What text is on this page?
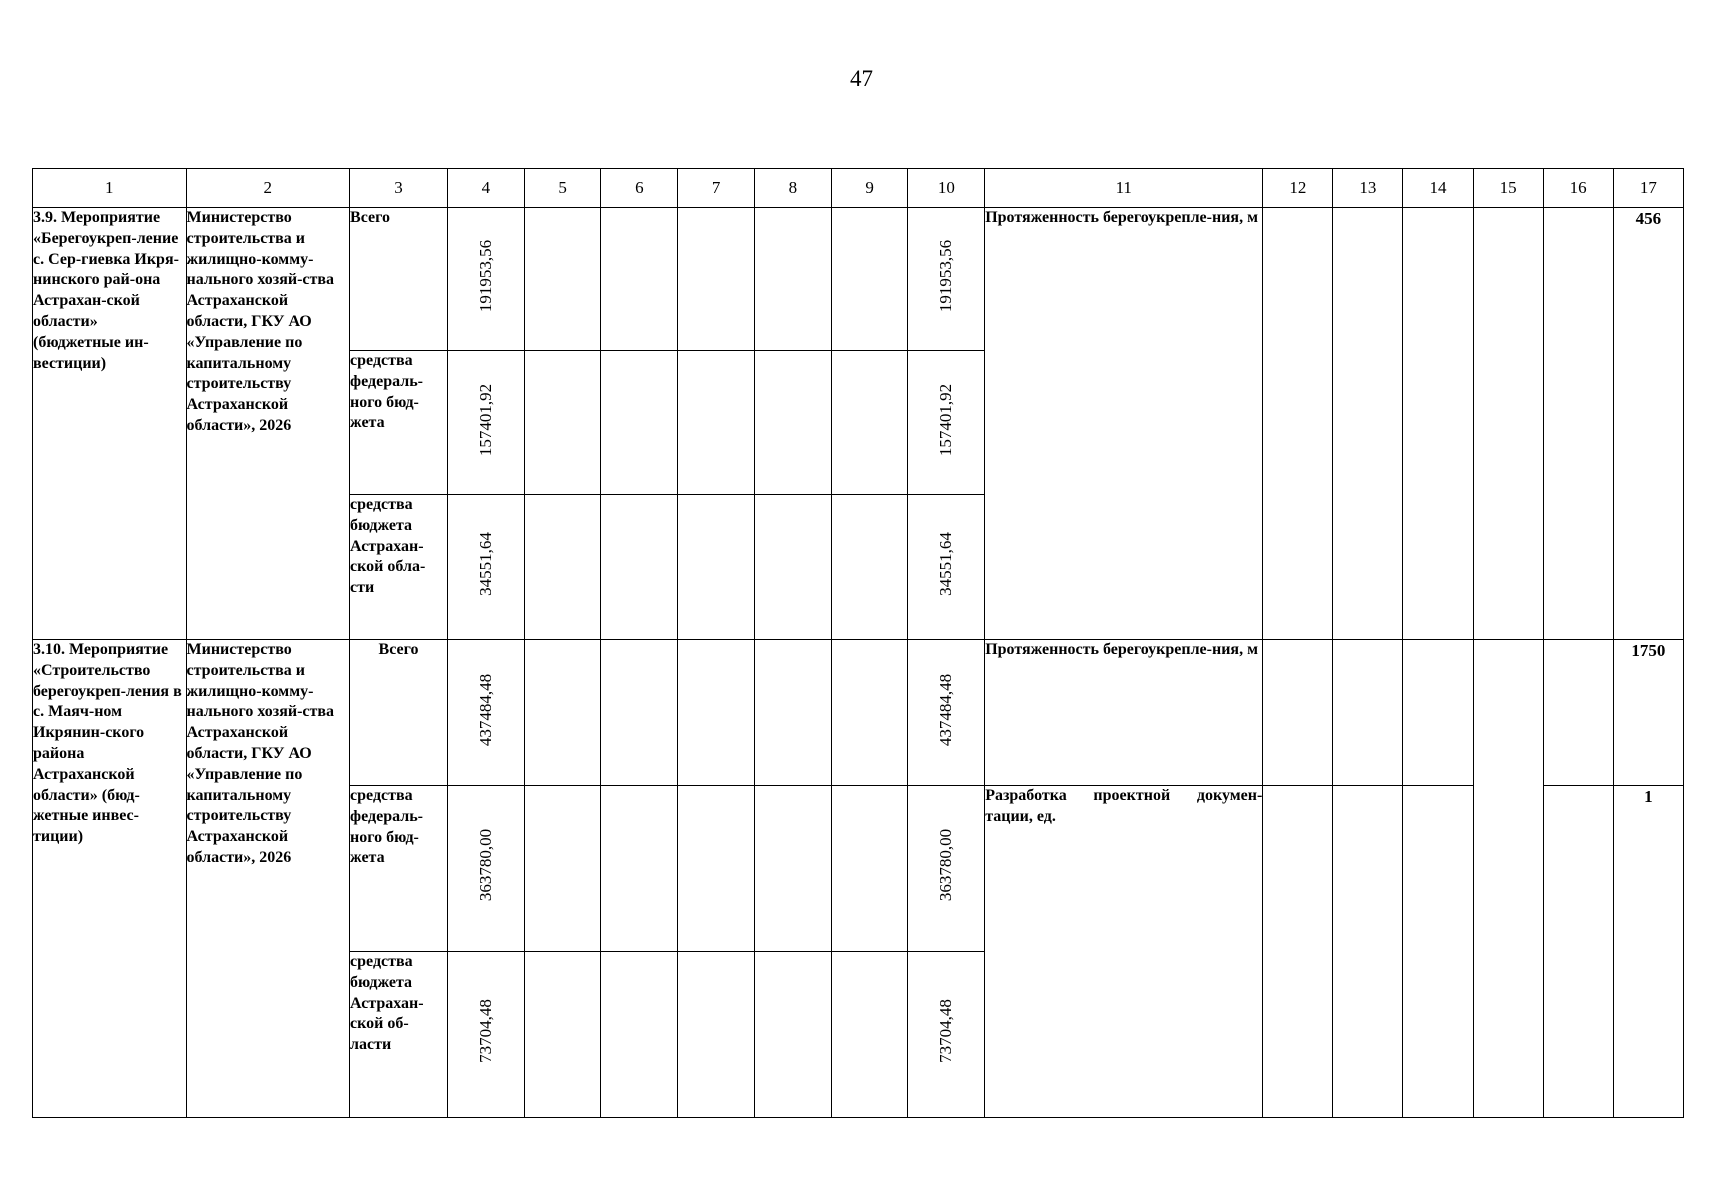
47
1	2	3	4	5	6	7	8	9	10	11	12	13	14	15	16	17
3.9. Мероприятие «Берегоукреп-ление с. Сер-гиевка Икря-нинского рай-она Астрахан-ской области» (бюджетные ин-вестиции)	Министерство строительства и жилищно-комму-нального хозяй-ства Астраханской области, ГКУ АО «Управление по капитальному строительству Астраханской области», 2026	Всего	191953,56						191953,56	Протяженность берегоукрепле-ния, м						456
		средства федераль-ного бюд-жета	157401,92						157401,92							

		средства бюджета Астрахан-ской обла-сти	34551,64						34551,64							

3.10. Мероприятие «Строительство берегоукреп-ления в с. Маяч-ном Икрянин-ского района Астраханской области» (бюд-жетные инвес-тиции)	Министерство строительства и жилищно-комму-нального хозяй-ства Астраханской области, ГКУ АО «Управление по капитальному строительству Астраханской области», 2026	Всего	437484,48						437484,48	Протяженность берегоукрепле-ния, м						1750
		средства федераль-ного бюд-жета	363780,00						363780,00	Разработка проектной докумен-тации, ед.						1
		средства бюджета Астрахан-ской об-ласти	73704,48						73704,48							
